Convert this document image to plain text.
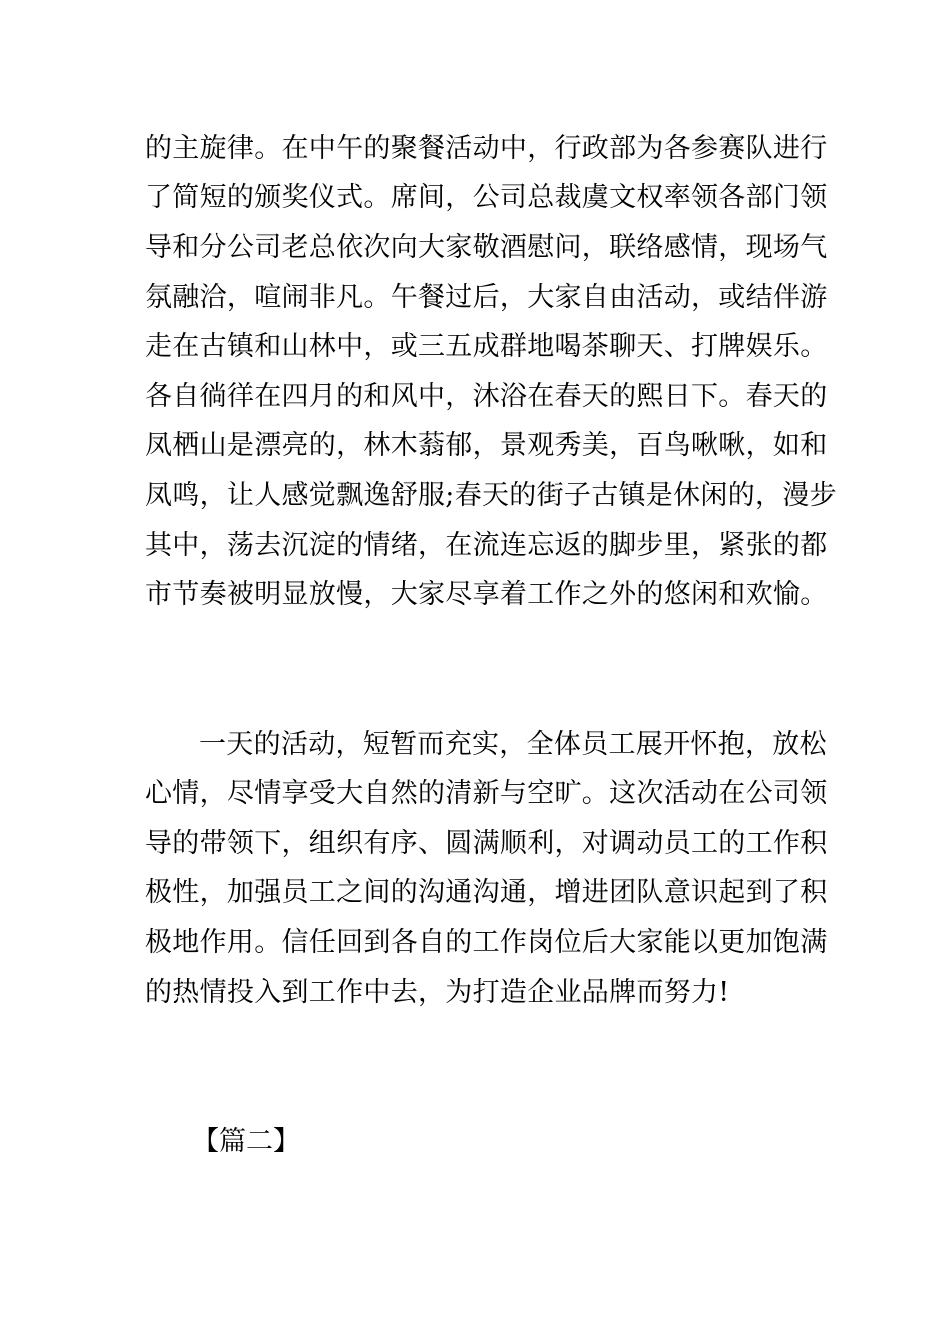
的主旋律。在中午的聚餐活动中，行政部为各参赛队进行
了简短的颁奖仪式。席间，公司总裁虞文权率领各部门领
导和分公司老总依次向大家敬酒慰问，联络感情，现场气
氛融洽，喧闹非凡。午餐过后，大家自由活动，或结伴游
走在古镇和山林中，或三五成群地喝茶聊天、打牌娱乐。
各自徜徉在四月的和风中，沐浴在春天的熙日下。春天的
凤栖山是漂亮的，林木蓊郁，景观秀美，百鸟啾啾，如和
凤鸣，让人感觉飘逸舒服;春天的街子古镇是休闲的，漫步
其中，荡去沉淀的情绪，在流连忘返的脚步里，紧张的都
市节奏被明显放慢，大家尽享着工作之外的悠闲和欢愉。
一天的活动，短暂而充实，全体员工展开怀抱，放松
心情，尽情享受大自然的清新与空旷。这次活动在公司领
导的带领下，组织有序、圆满顺利，对调动员工的工作积
极性，加强员工之间的沟通沟通，增进团队意识起到了积
极地作用。信任回到各自的工作岗位后大家能以更加饱满
的热情投入到工作中去，为打造企业品牌而努力!
【篇二】
